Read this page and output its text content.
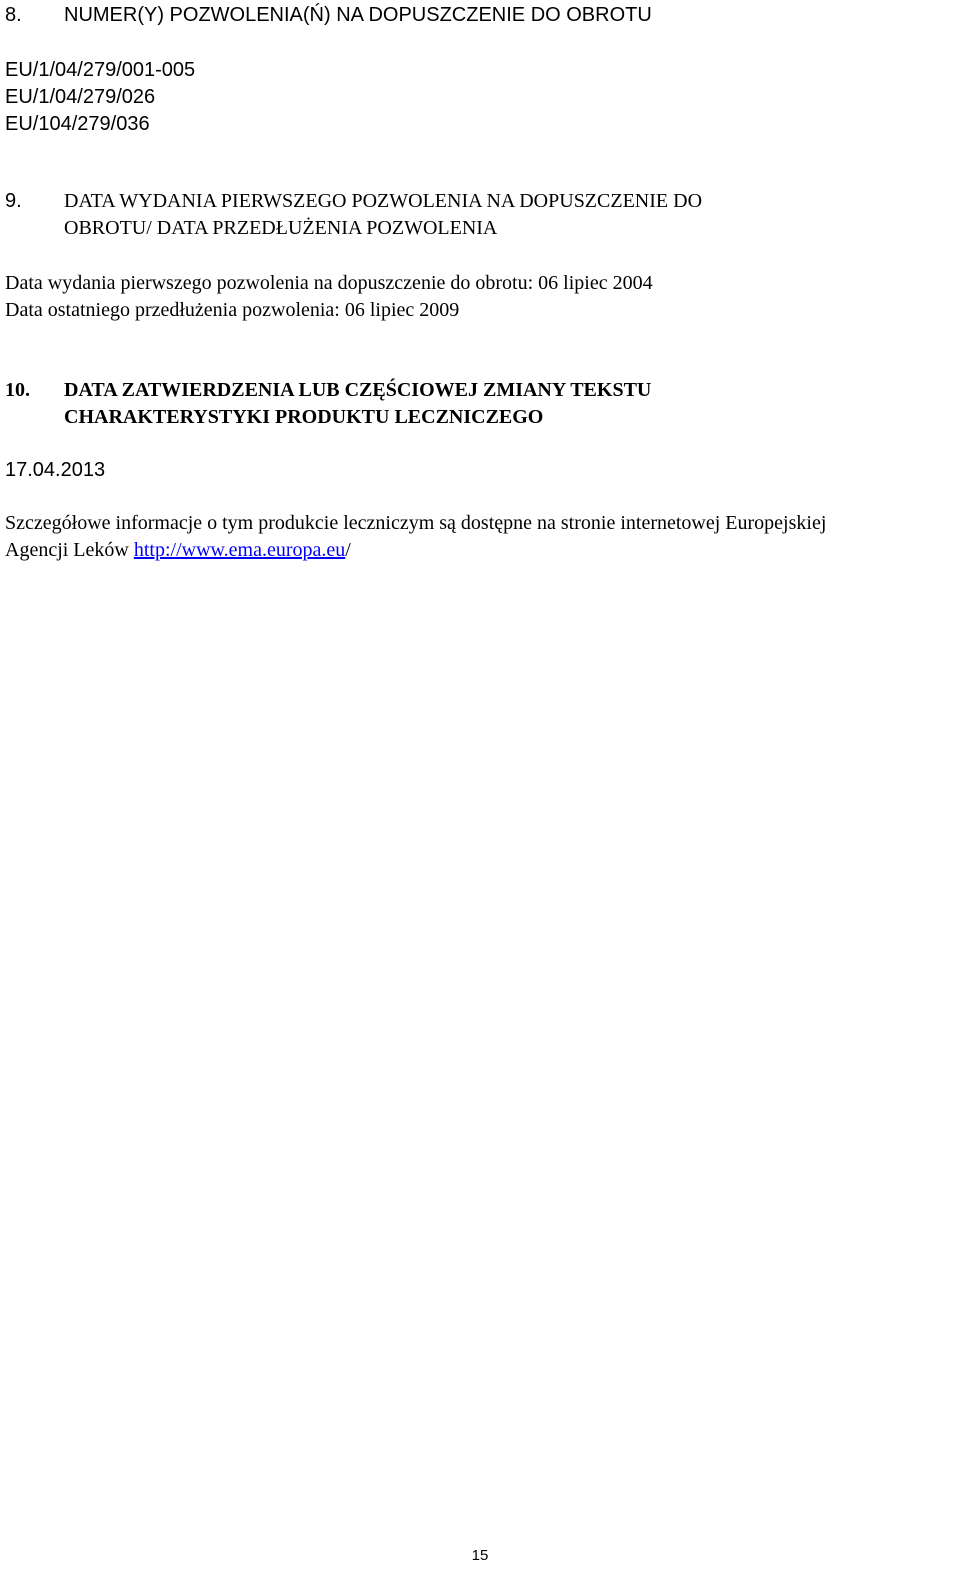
8.	NUMER(Y) POZWOLENIA(Ń) NA DOPUSZCZENIE DO OBROTU
EU/1/04/279/001-005
EU/1/04/279/026
EU/104/279/036
9.	DATA WYDANIA PIERWSZEGO POZWOLENIA NA DOPUSZCZENIE DO
OBROTU/ DATA PRZEDŁUŻENIA POZWOLENIA
Data wydania pierwszego pozwolenia na dopuszczenie do obrotu: 06 lipiec 2004
Data ostatniego przedłużenia pozwolenia: 06 lipiec 2009
10.	DATA ZATWIERDZENIA LUB CZĘŚCIOWEJ ZMIANY TEKSTU
CHARAKTERYSTYKI PRODUKTU LECZNICZEGO
17.04.2013
Szczegółowe informacje o tym produkcie leczniczym są dostępne na stronie internetowej Europejskiej
Agencji Leków http://www.ema.europa.eu/
15
